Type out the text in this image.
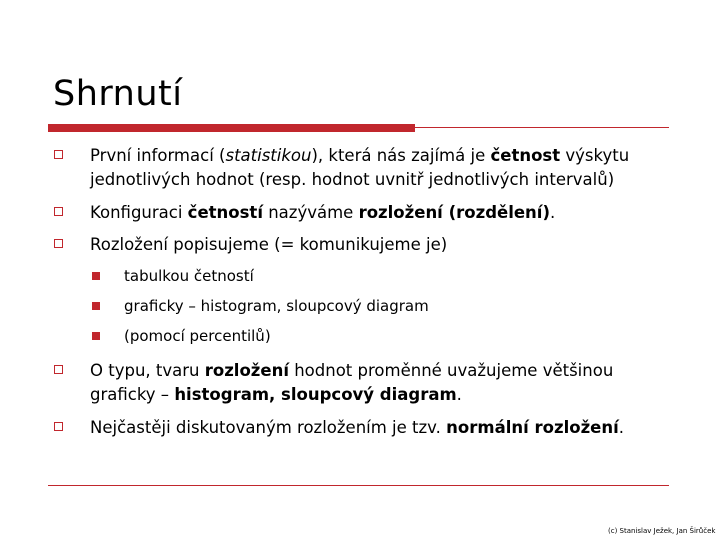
Shrnutí
První informací (statistikou), která nás zajímá je četnost výskytu jednotlivých hodnot (resp. hodnot uvnitř jednotlivých intervalů)
Konfiguraci četností nazýváme rozložení (rozdělení).
Rozložení popisujeme (= komunikujeme je)
tabulkou četností
graficky – histogram, sloupcový diagram
(pomocí percentilů)
O typu, tvaru rozložení hodnot proměnné uvažujeme většinou graficky – histogram, sloupcový diagram.
Nejčastěji diskutovaným rozložením je tzv. normální rozložení.
(c) Stanislav Ježek, Jan Širůček
